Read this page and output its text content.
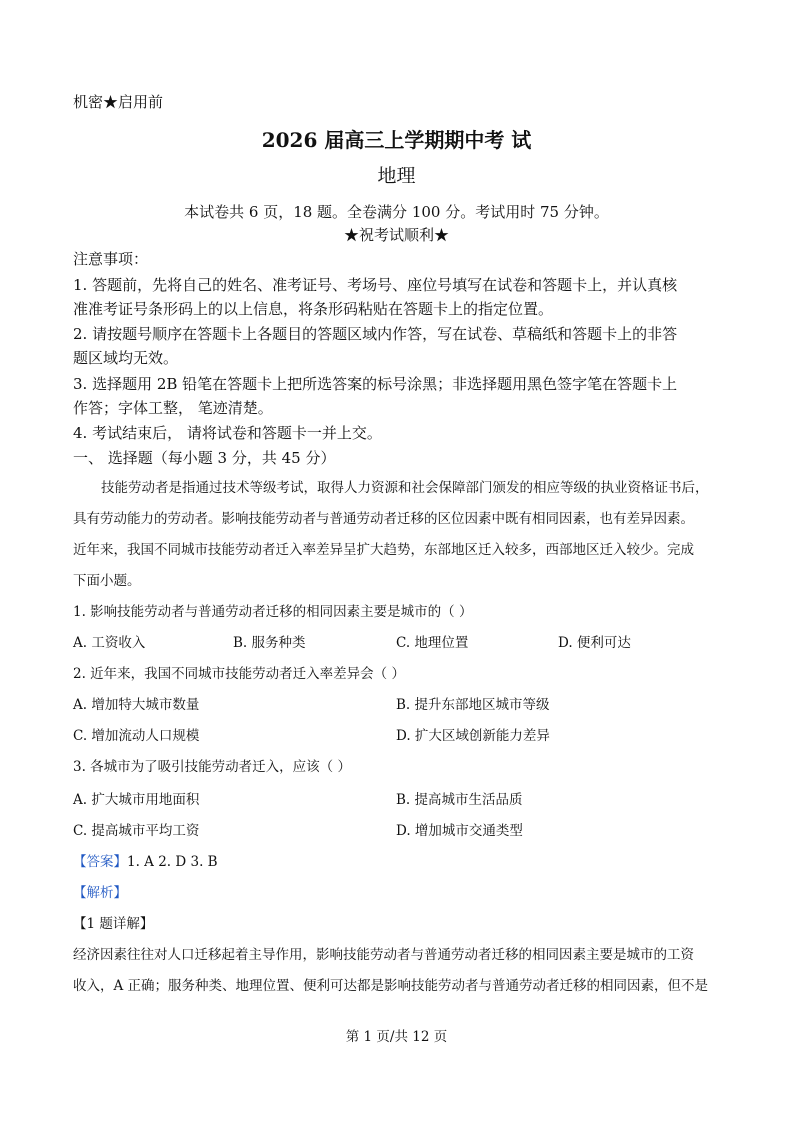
机密★启用前
2026 届高三上学期期中考 试
地理
本试卷共 6 页，18 题。全卷满分 100 分。考试用时 75 分钟。
★祝考试顺利★
注意事项：
1. 答题前，先将自己的姓名、准考证号、考场号、座位号填写在试卷和答题卡上，并认真核
准准考证号条形码上的以上信息，将条形码粘贴在答题卡上的指定位置。
2. 请按题号顺序在答题卡上各题目的答题区域内作答，写在试卷、草稿纸和答题卡上的非答
题区域均无效。
3. 选择题用 2B 铅笔在答题卡上把所选答案的标号涂黑；非选择题用黑色签字笔在答题卡上
作答；字体工整， 笔迹清楚。
4. 考试结束后， 请将试卷和答题卡一并上交。
一、 选择题（每小题 3 分，共 45 分）
技能劳动者是指通过技术等级考试，取得人力资源和社会保障部门颁发的相应等级的执业资格证书后，
具有劳动能力的劳动者。影响技能劳动者与普通劳动者迁移的区位因素中既有相同因素，也有差异因素。
近年来，我国不同城市技能劳动者迁入率差异呈扩大趋势，东部地区迁入较多，西部地区迁入较少。完成
下面小题。
1. 影响技能劳动者与普通劳动者迁移的相同因素主要是城市的（ ）
A. 工资收入	B. 服务种类	C. 地理位置	D. 便利可达
2. 近年来，我国不同城市技能劳动者迁入率差异会（ ）
A. 增加特大城市数量	B. 提升东部地区城市等级
C. 增加流动人口规模	D. 扩大区域创新能力差异
3. 各城市为了吸引技能劳动者迁入，应该（ ）
A. 扩大城市用地面积	B. 提高城市生活品质
C. 提高城市平均工资	D. 增加城市交通类型
【答案】1. A 2. D 3. B
【解析】
【1 题详解】
经济因素往往对人口迁移起着主导作用，影响技能劳动者与普通劳动者迁移的相同因素主要是城市的工资
收入，A 正确；服务种类、地理位置、便利可达都是影响技能劳动者与普通劳动者迁移的相同因素，但不是
第 1 页/共 12 页
